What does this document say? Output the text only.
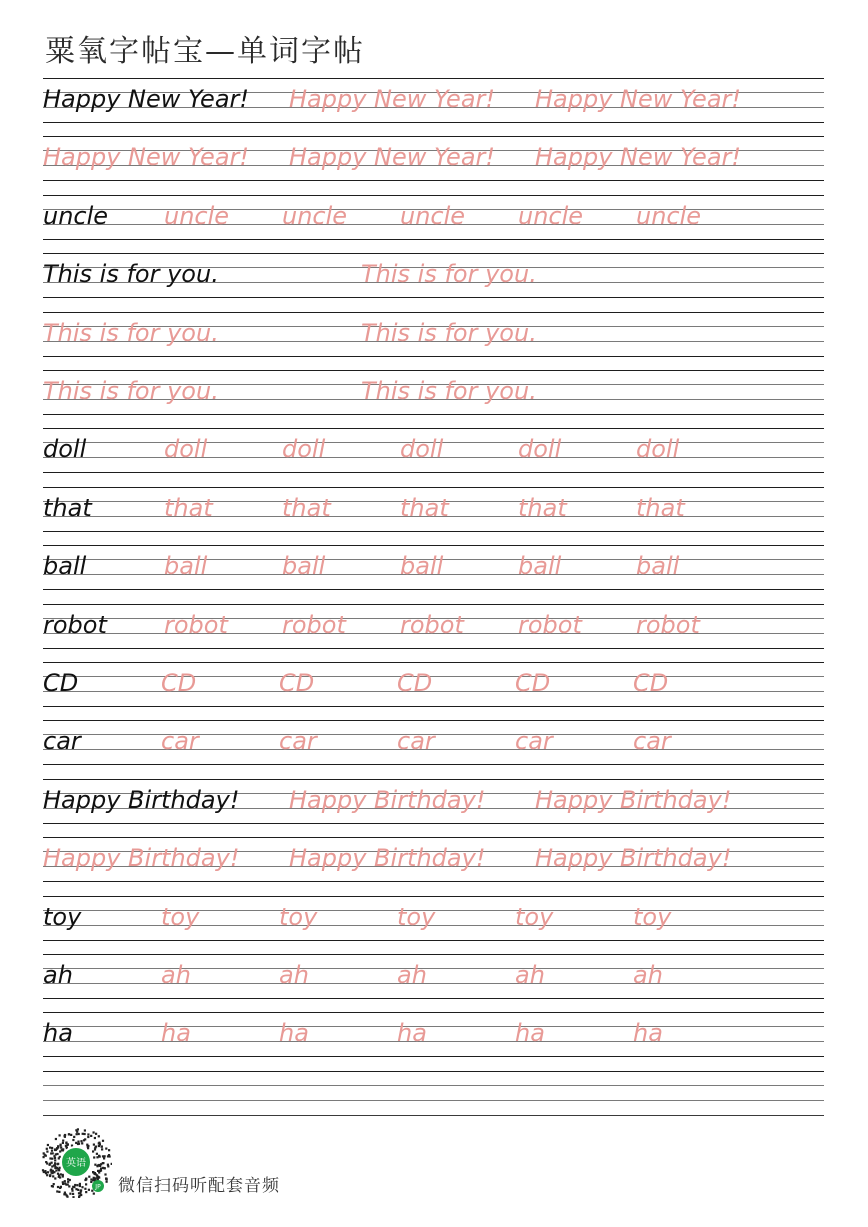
粟氧字帖宝—单词字帖
Happy New Year! Happy New Year! Happy New Year!
Happy New Year! Happy New Year! Happy New Year!
uncle uncle uncle uncle uncle uncle
This is for you.	This is for you.
This is for you.	This is for you.
This is for you.	This is for you.
doll	doll	doll	doll	doll	doll
that	that	that	that	that	that
ball	ball	ball	ball	ball	ball
robot robot robot robot robot robot
CD	CD	CD	CD	CD	CD
car	car	car	car	car	car
Happy Birthday! Happy Birthday! Happy Birthday!
Happy Birthday! Happy Birthday! Happy Birthday!
toy	toy	toy	toy	toy	toy
ah	ah	ah	ah	ah	ah
ha	ha	ha	ha	ha	ha
英语
JP 微信扫码听配套音频
